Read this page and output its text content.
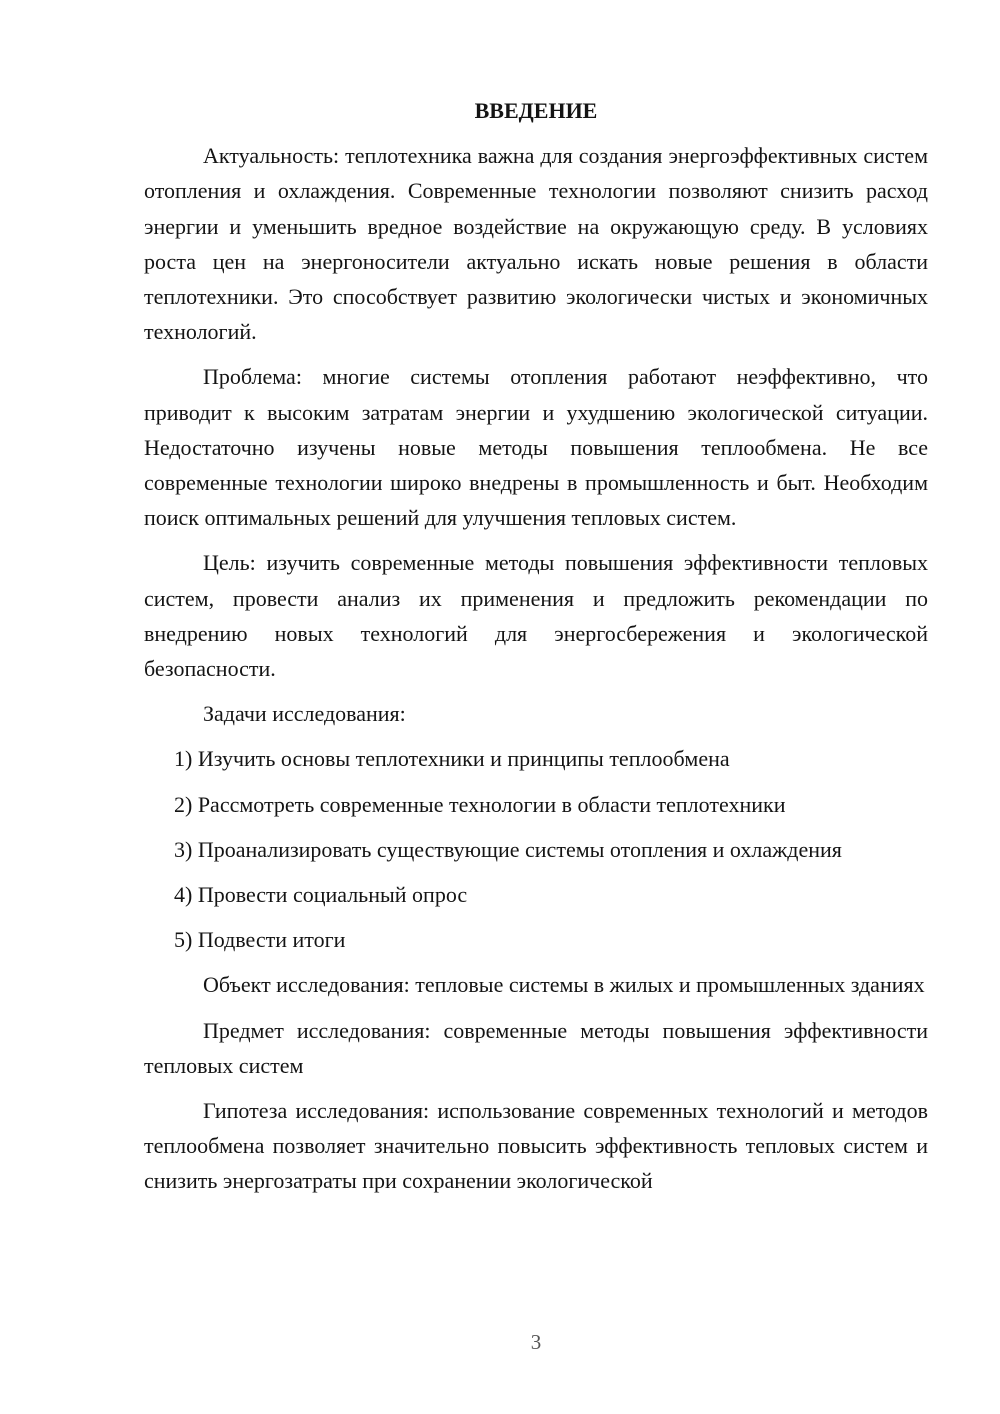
ВВЕДЕНИЕ

Актуальность: теплотехника важна для создания энергоэффективных систем отопления и охлаждения. Современные технологии позволяют снизить расход энергии и уменьшить вредное воздействие на окружающую среду. В условиях роста цен на энергоносители актуально искать новые решения в области теплотехники. Это способствует развитию экологически чистых и экономичных технологий.

Проблема: многие системы отопления работают неэффективно, что приводит к высоким затратам энергии и ухудшению экологической ситуации. Недостаточно изучены новые методы повышения теплообмена. Не все современные технологии широко внедрены в промышленность и быт. Необходим поиск оптимальных решений для улучшения тепловых систем.

Цель: изучить современные методы повышения эффективности тепловых систем, провести анализ их применения и предложить рекомендации по внедрению новых технологий для энергосбережения и экологической безопасности.

Задачи исследования:

1) Изучить основы теплотехники и принципы теплообмена
2) Рассмотреть современные технологии в области теплотехники
3) Проанализировать существующие системы отопления и охлаждения
4) Провести социальный опрос
5) Подвести итоги

Объект исследования: тепловые системы в жилых и промышленных зданиях

Предмет исследования: современные методы повышения эффективности тепловых систем

Гипотеза исследования: использование современных технологий и методов теплообмена позволяет значительно повысить эффективность тепловых систем и снизить энергозатраты при сохранении экологической

3
